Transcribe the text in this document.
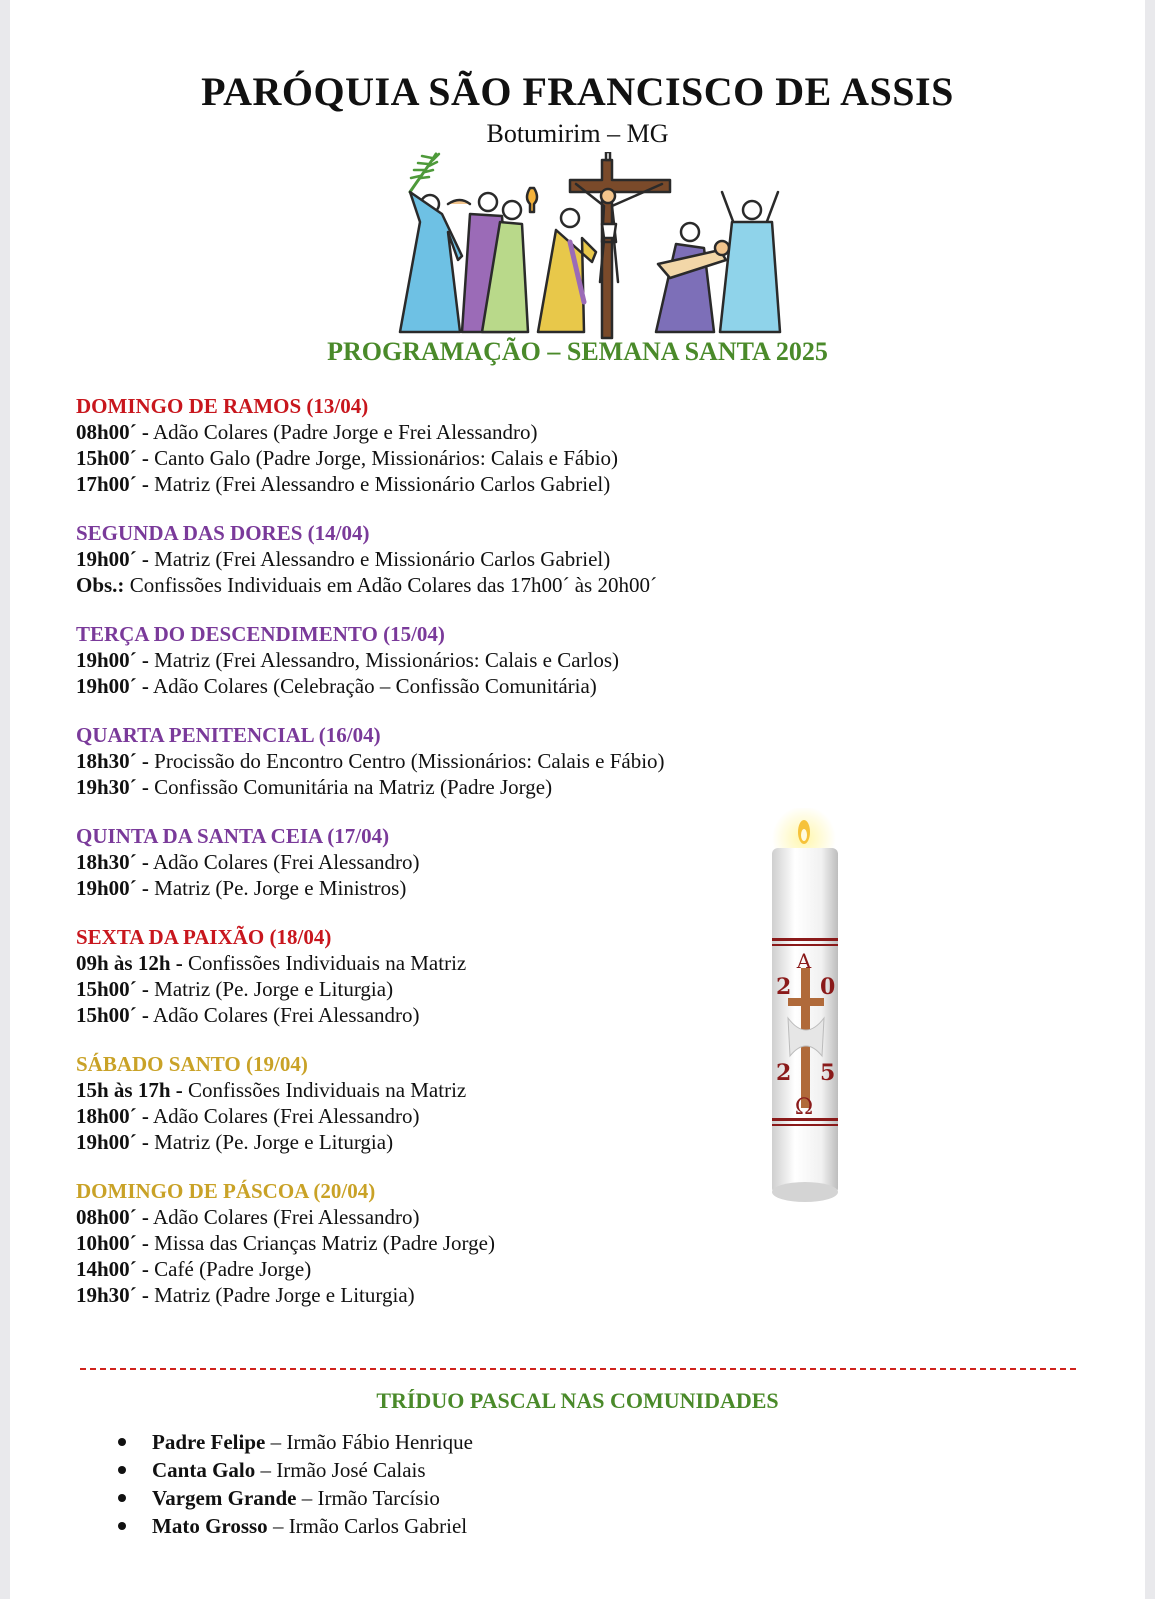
PARÓQUIA SÃO FRANCISCO DE ASSIS
Botumirim – MG
PROGRAMAÇÃO – SEMANA SANTA 2025
DOMINGO DE RAMOS (13/04)
08h00´ - Adão Colares (Padre Jorge e Frei Alessandro)
15h00´ - Canto Galo (Padre Jorge, Missionários: Calais e Fábio)
17h00´ - Matriz (Frei Alessandro e Missionário Carlos Gabriel)
SEGUNDA DAS DORES (14/04)
19h00´ - Matriz (Frei Alessandro e Missionário Carlos Gabriel)
Obs.: Confissões Individuais em Adão Colares das 17h00´ às 20h00´
TERÇA DO DESCENDIMENTO (15/04)
19h00´ - Matriz (Frei Alessandro, Missionários: Calais e Carlos)
19h00´ - Adão Colares (Celebração – Confissão Comunitária)
QUARTA PENITENCIAL (16/04)
18h30´ - Procissão do Encontro Centro (Missionários: Calais e Fábio)
19h30´ - Confissão Comunitária na Matriz (Padre Jorge)
QUINTA DA SANTA CEIA (17/04)
18h30´ - Adão Colares (Frei Alessandro)
19h00´ - Matriz (Pe. Jorge e Ministros)
SEXTA DA PAIXÃO (18/04)
09h às 12h - Confissões Individuais na Matriz
15h00´ - Matriz (Pe. Jorge e Liturgia)
15h00´ - Adão Colares (Frei Alessandro)
SÁBADO SANTO (19/04)
15h às 17h - Confissões Individuais na Matriz
18h00´ - Adão Colares (Frei Alessandro)
19h00´ - Matriz (Pe. Jorge e Liturgia)
DOMINGO DE PÁSCOA (20/04)
08h00´ - Adão Colares (Frei Alessandro)
10h00´ - Missa das Crianças Matriz (Padre Jorge)
14h00´ - Café (Padre Jorge)
19h30´ - Matriz (Padre Jorge e Liturgia)
A
2 0
2 5
Ω
TRÍDUO PASCAL NAS COMUNIDADES
Padre Felipe – Irmão Fábio Henrique
Canta Galo – Irmão José Calais
Vargem Grande – Irmão Tarcísio
Mato Grosso – Irmão Carlos Gabriel
